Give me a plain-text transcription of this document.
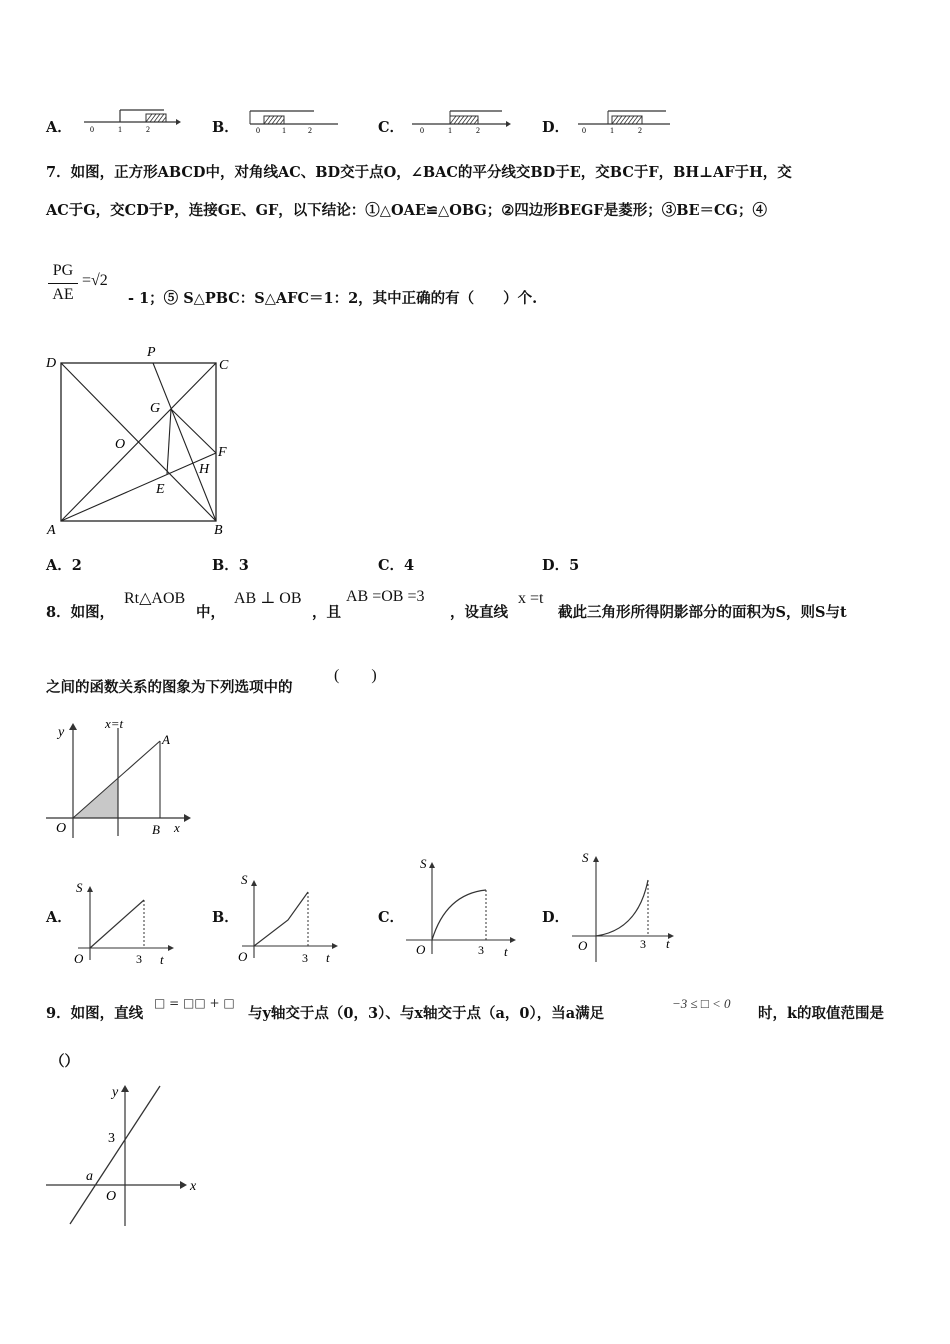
A． 0	1	2	B． 0	1	2	C． 0	1	2	D． 0	1	2
7．如图，正方形ABCD中，对角线AC、BD交于点O，∠BAC的平分线交BD于E，交BC于F，BH⊥AF于H，交
AC于G，交CD于P，连接GE、GF，以下结论：①△OAE≌△OBG；②四边形BEGF是菱形；③BE＝CG；④
PG
AE
=√2
- 1；⑤ S△PBC：S△AFC＝1：2，其中正确的有（　　）个.
D
P
C
G
O
F
H
E
A	B
A．2	B．3	C．4	D．5
8．如图，
Rt△AOB
中，
AB ⊥ OB
，且
AB =OB =3
，设直线
x =t
截此三角形所得阴影部分的面积为S，则S与t
之间的函数关系的图象为下列选项中的
(　　)
y
x=t
A
O	B x
A．
S
O	3 t
B．
S
O	3 t
C．
S
O	3 t
D．
S
O	3 t
9．如图，直线
□ = □□ + □
与y轴交于点（0，3）、与x轴交于点（a，0），当a满足
−3 ≤ □ < 0
时，k的取值范围是
（）
y
3
a
O
x
